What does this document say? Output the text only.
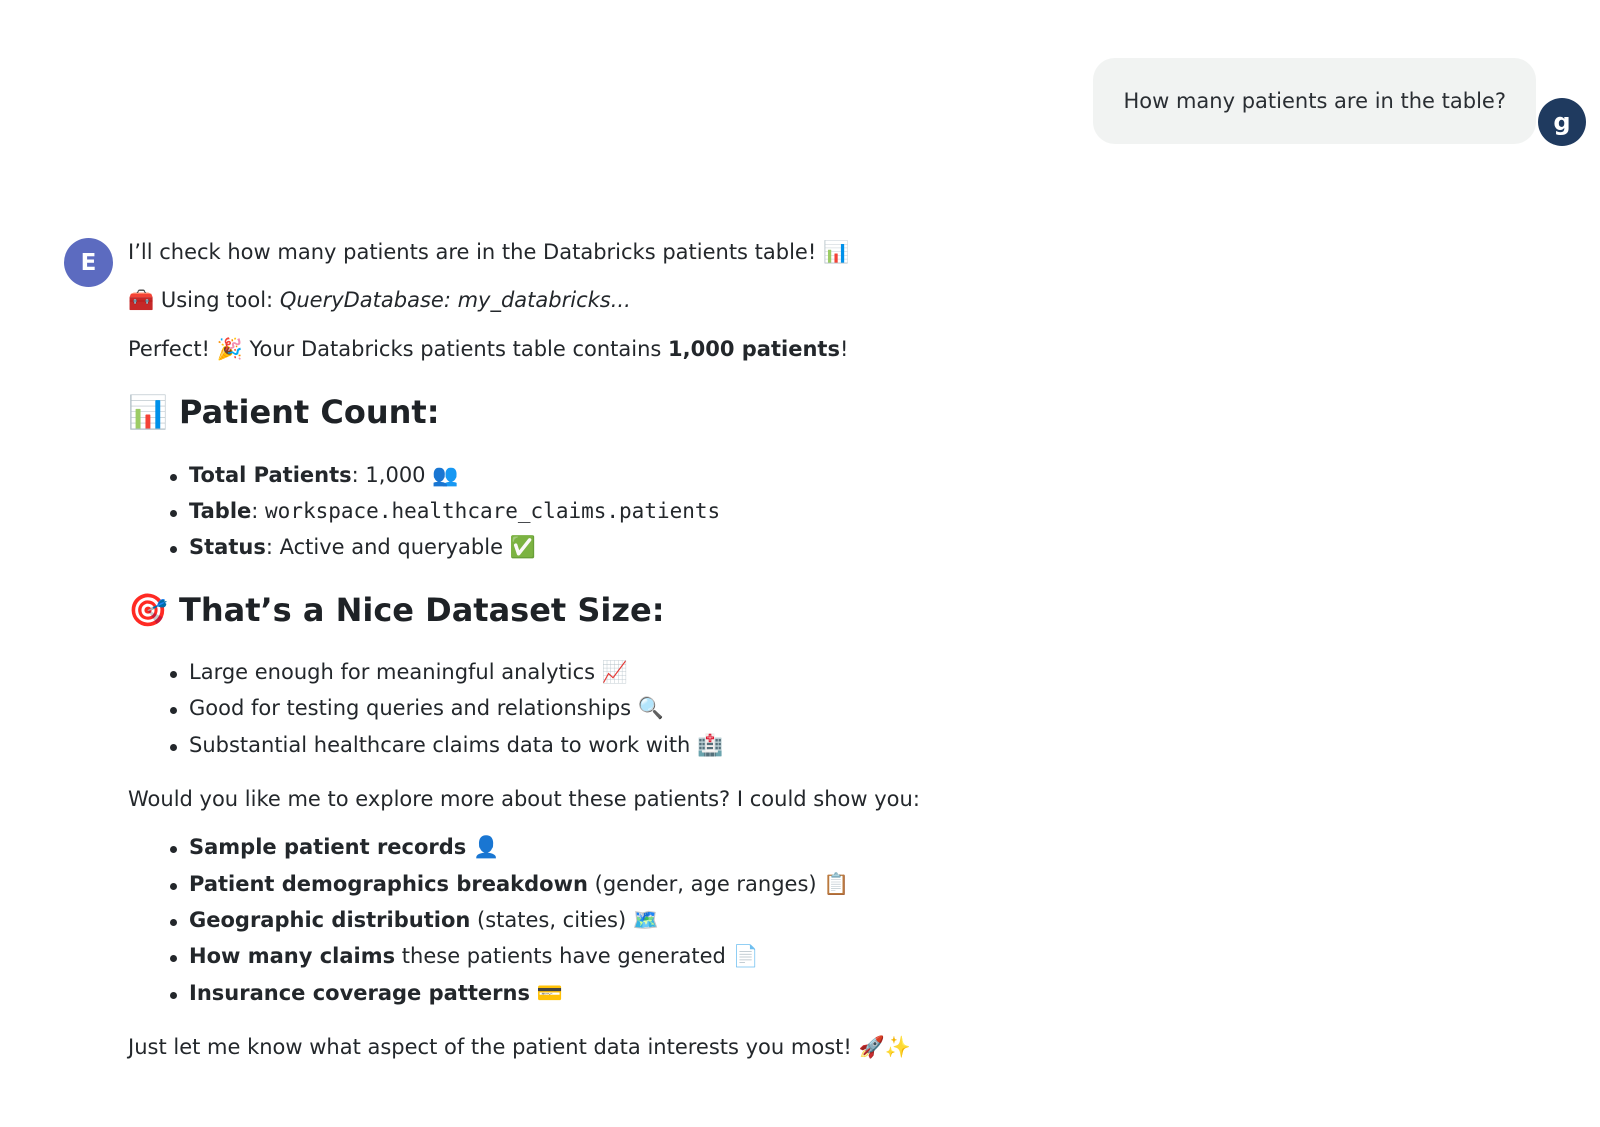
How many patients are in the table?
g
E I’ll check how many patients are in the Databricks patients table! 📊

🧰 Using tool: QueryDatabase: my_databricks...

Perfect! 🎉 Your Databricks patients table contains 1,000 patients!

📊 Patient Count:
Total Patients: 1,000 👥
Table: workspace.healthcare_claims.patients
Status: Active and queryable ✅
🎯 That’s a Nice Dataset Size:
Large enough for meaningful analytics 📈
Good for testing queries and relationships 🔍
Substantial healthcare claims data to work with 🏥

Would you like me to explore more about these patients? I could show you:

Sample patient records 👤
Patient demographics breakdown (gender, age ranges) 📋
Geographic distribution (states, cities) 🗺️
How many claims these patients have generated 📄
Insurance coverage patterns 💳

Just let me know what aspect of the patient data interests you most! 🚀✨
